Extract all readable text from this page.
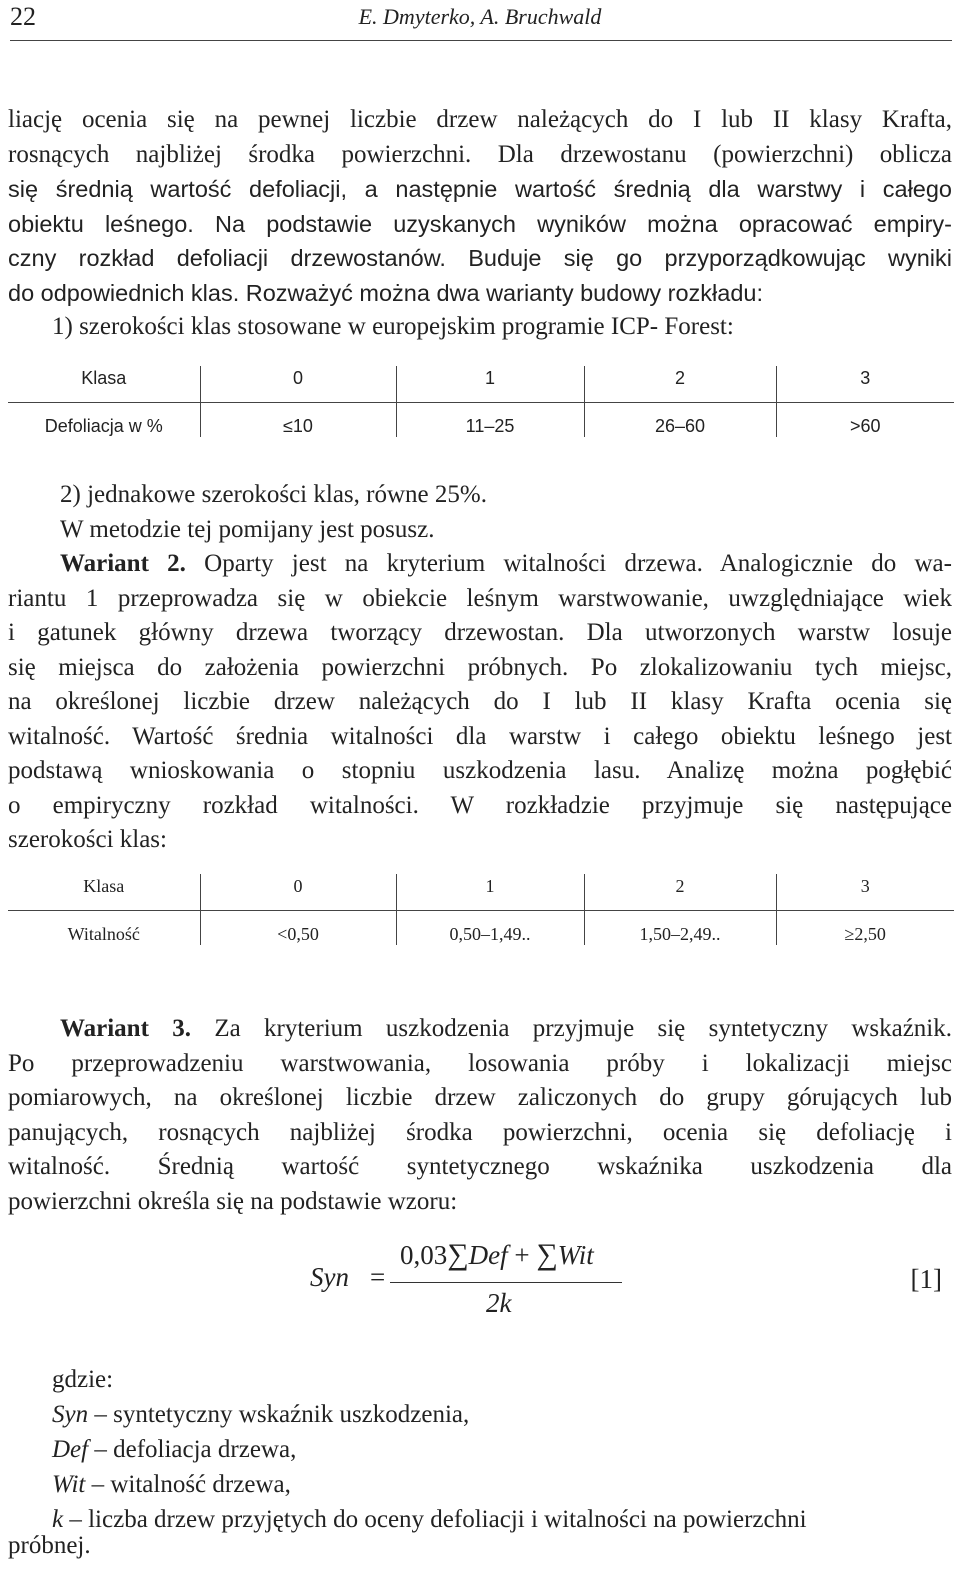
22	E. Dmyterko, A. Bruchwald
liację ocenia się na pewnej liczbie drzew należących do I lub II klasy Krafta,
rosnących najbliżej środka powierzchni. Dla drzewostanu (powierzchni) oblicza
się średnią wartość defoliacji, a następnie wartość średnią dla warstwy i całego
obiektu leśnego. Na podstawie uzyskanych wyników można opracować empiry-
czny rozkład defoliacji drzewostanów. Buduje się go przyporządkowując wyniki
do odpowiednich klas. Rozważyć można dwa warianty budowy rozkładu:
1) szerokości klas stosowane w europejskim programie ICP- Forest:
Klasa	0	1	2	3
Defoliacja w %	≤10	11–25	26–60	>60
2) jednakowe szerokości klas, równe 25%.
W metodzie tej pomijany jest posusz.
Wariant 2. Oparty jest na kryterium witalności drzewa. Analogicznie do wa-
riantu 1 przeprowadza się w obiekcie leśnym warstwowanie, uwzględniające wiek
i gatunek główny drzewa tworzący drzewostan. Dla utworzonych warstw losuje
się miejsca do założenia powierzchni próbnych. Po zlokalizowaniu tych miejsc,
na określonej liczbie drzew należących do I lub II klasy Krafta ocenia się
witalność. Wartość średnia witalności dla warstw i całego obiektu leśnego jest
podstawą wnioskowania o stopniu uszkodzenia lasu. Analizę można pogłębić
o empiryczny rozkład witalności. W rozkładzie przyjmuje się następujące
szerokości klas:
Klasa	0	1	2	3
Witalność	<0,50	0,50–1,49..	1,50–2,49..	≥2,50
Wariant 3. Za kryterium uszkodzenia przyjmuje się syntetyczny wskaźnik.
Po przeprowadzeniu warstwowania, losowania próby i lokalizacji miejsc
pomiarowych, na określonej liczbie drzew zaliczonych do grupy górujących lub
panujących, rosnących najbliżej środka powierzchni, ocenia się defoliację i
witalność. Średnią wartość syntetycznego wskaźnika uszkodzenia dla
powierzchni określa się na podstawie wzoru:
Syn =
0,03∑Def + ∑Wit
2k
[1]
gdzie:
Syn – syntetyczny wskaźnik uszkodzenia,
Def – defoliacja drzewa,
Wit – witalność drzewa,
k – liczba drzew przyjętych do oceny defoliacji i witalności na powierzchni
próbnej.
